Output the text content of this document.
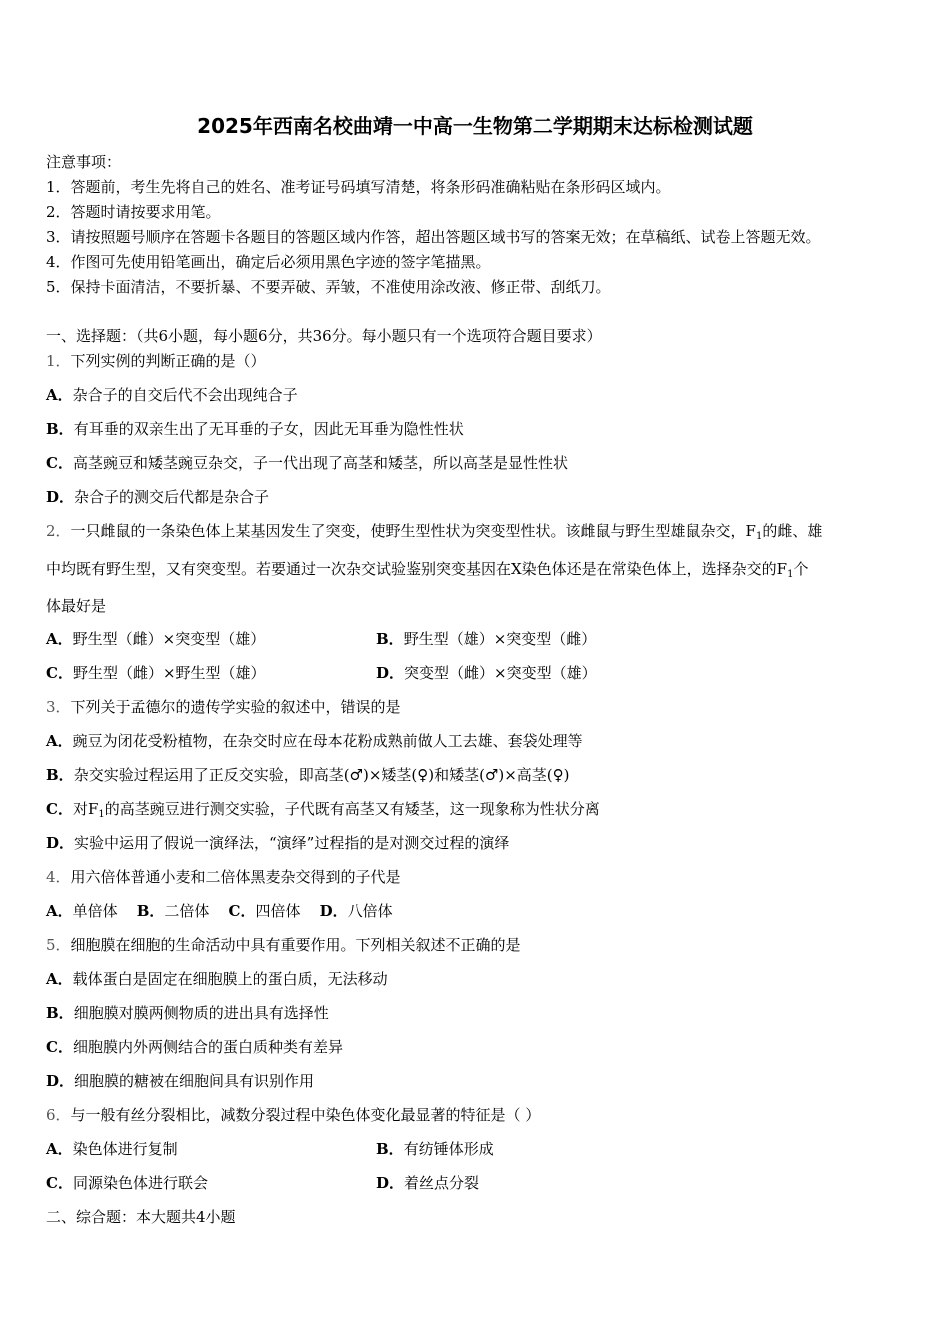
2025年西南名校曲靖一中高一生物第二学期期末达标检测试题
注意事项：
1．答题前，考生先将自己的姓名、准考证号码填写清楚，将条形码准确粘贴在条形码区域内。
2．答题时请按要求用笔。
3．请按照题号顺序在答题卡各题目的答题区域内作答，超出答题区域书写的答案无效；在草稿纸、试卷上答题无效。
4．作图可先使用铅笔画出，确定后必须用黑色字迹的签字笔描黑。
5．保持卡面清洁，不要折暴、不要弄破、弄皱，不准使用涂改液、修正带、刮纸刀。
一、选择题：（共6小题，每小题6分，共36分。每小题只有一个选项符合题目要求）
1．下列实例的判断正确的是（）
A．杂合子的自交后代不会出现纯合子
B．有耳垂的双亲生出了无耳垂的子女，因此无耳垂为隐性性状
C．高茎豌豆和矮茎豌豆杂交，子一代出现了高茎和矮茎，所以高茎是显性性状
D．杂合子的测交后代都是杂合子
2．一只雌鼠的一条染色体上某基因发生了突变，使野生型性状为突变型性状。该雌鼠与野生型雄鼠杂交，$F_1$的雌、雄
中均既有野生型，又有突变型。若要通过一次杂交试验鉴别突变基因在X染色体还是在常染色体上，选择杂交的$F_1$个
体最好是
A．野生型（雌）×突变型（雄）	B．野生型（雄）×突变型（雌）
C．野生型（雌）×野生型（雄）	D．突变型（雌）×突变型（雄）
3．下列关于孟德尔的遗传学实验的叙述中，错误的是
A．豌豆为闭花受粉植物，在杂交时应在母本花粉成熟前做人工去雄、套袋处理等
B．杂交实验过程运用了正反交实验，即高茎(♂)×矮茎(♀)和矮茎(♂)×高茎(♀)
C．对$F_1$的高茎豌豆进行测交实验，子代既有高茎又有矮茎，这一现象称为性状分离
D．实验中运用了假说一演绎法，“演绎”过程指的是对测交过程的演绎
4．用六倍体普通小麦和二倍体黑麦杂交得到的子代是
A．单倍体 B．二倍体 C．四倍体 D．八倍体
5．细胞膜在细胞的生命活动中具有重要作用。下列相关叙述不正确的是
A．载体蛋白是固定在细胞膜上的蛋白质，无法移动
B．细胞膜对膜两侧物质的进出具有选择性
C．细胞膜内外两侧结合的蛋白质种类有差异
D．细胞膜的糖被在细胞间具有识别作用
6．与一般有丝分裂相比，减数分裂过程中染色体变化最显著的特征是（ ）
A．染色体进行复制	B．有纺锤体形成
C．同源染色体进行联会	D．着丝点分裂
二、综合题：本大题共4小题
